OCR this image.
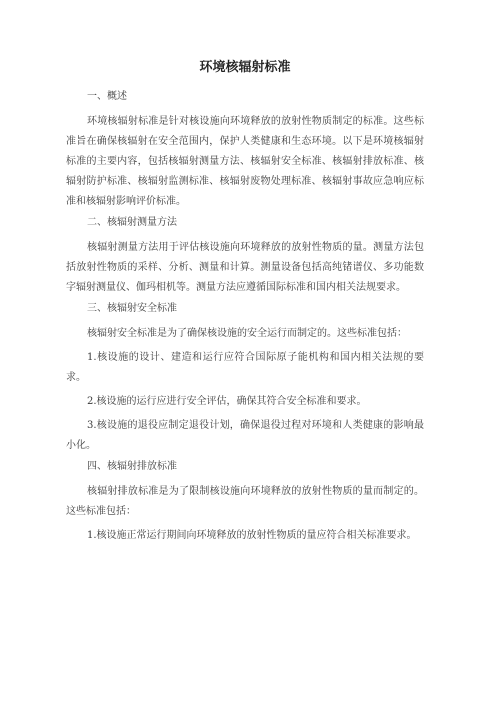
环境核辐射标准
一、概述

环境核辐射标准是针对核设施向环境释放的放射性物质制定的标准。这些标准旨在确保核辐射在安全范围内，保护人类健康和生态环境。以下是环境核辐射标准的主要内容，包括核辐射测量方法、核辐射安全标准、核辐射排放标准、核辐射防护标准、核辐射监测标准、核辐射废物处理标准、核辐射事故应急响应标准和核辐射影响评价标准。

二、核辐射测量方法

核辐射测量方法用于评估核设施向环境释放的放射性物质的量。测量方法包括放射性物质的采样、分析、测量和计算。测量设备包括高纯锗谱仪、多功能数字辐射测量仪、伽玛相机等。测量方法应遵循国际标准和国内相关法规要求。

三、核辐射安全标准

核辐射安全标准是为了确保核设施的安全运行而制定的。这些标准包括：

1.核设施的设计、建造和运行应符合国际原子能机构和国内相关法规的要求。

2.核设施的运行应进行安全评估，确保其符合安全标准和要求。

3.核设施的退役应制定退役计划，确保退役过程对环境和人类健康的影响最小化。

四、核辐射排放标准

核辐射排放标准是为了限制核设施向环境释放的放射性物质的量而制定的。这些标准包括：

1.核设施正常运行期间向环境释放的放射性物质的量应符合相关标准要求。
